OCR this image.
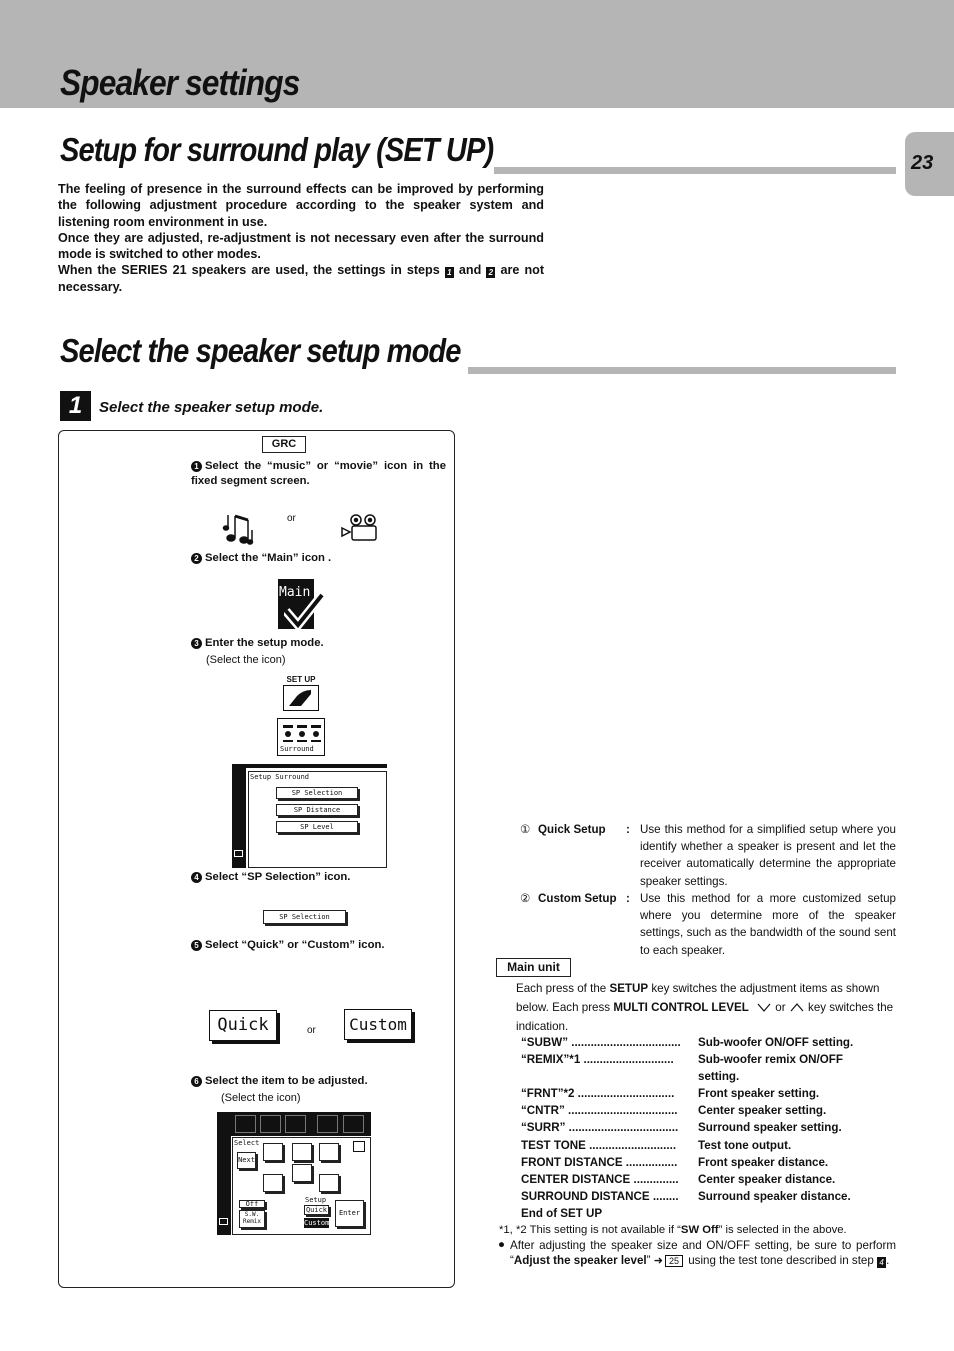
Speaker settings
23
Setup for surround play (SET UP)

The feeling of presence in the surround effects can be improved by performing the following adjustment procedure according to the speaker system and listening room environment in use.

Once they are adjusted, re-adjustment is not necessary even after the surround mode is switched to other modes.

When the SERIES 21 speakers are used, the settings in steps 1 and 2 are not necessary.

Select the speaker setup mode
1	Select the speaker setup mode.
GRC
1 Select the “music” or “movie” icon in the fixed segment screen.
or
2 Select the “Main” icon .
Main
3 Enter the setup mode.
(Select the icon)
SET UP
Surround
Setup Surround
SP Selection
SP Distance
SP Level
4 Select “SP Selection” icon.
SP Selection
5 Select “Quick” or “Custom” icon.
Quick	or	Custom
6 Select the item to be adjusted.
(Select the icon)
Select
Next
Off
S.W. Remix
Setup
Quick
Custom
Enter
① Quick Setup : Use this method for a simplified setup where you identify whether a speaker is present and let the receiver automatically determine the appropriate speaker settings.
② Custom Setup : Use this method for a more customized setup where you determine more of the speaker settings, such as the bandwidth of the sound sent to each speaker.
Main unit
Each press of the SETUP key switches the adjustment items as shown below. Each press MULTI CONTROL LEVEL or key switches the indication.
“SUBW” .................................. Sub-woofer ON/OFF setting.
“REMIX”*1 ............................ Sub-woofer remix ON/OFF setting.
“FRNT”*2 .............................. Front speaker setting.
“CNTR” .................................. Center speaker setting.
“SURR” .................................. Surround speaker setting.
TEST TONE ........................... Test tone output.
FRONT DISTANCE ................ Front speaker distance.
CENTER DISTANCE .............. Center speaker distance.
SURROUND DISTANCE ........ Surround speaker distance.
End of SET UP
*1, *2 This setting is not available if “SW Off” is selected in the above.
● After adjusting the speaker size and ON/OFF setting, be sure to perform “Adjust the speaker level” ➜ 25 using the test tone described in step 4 .
